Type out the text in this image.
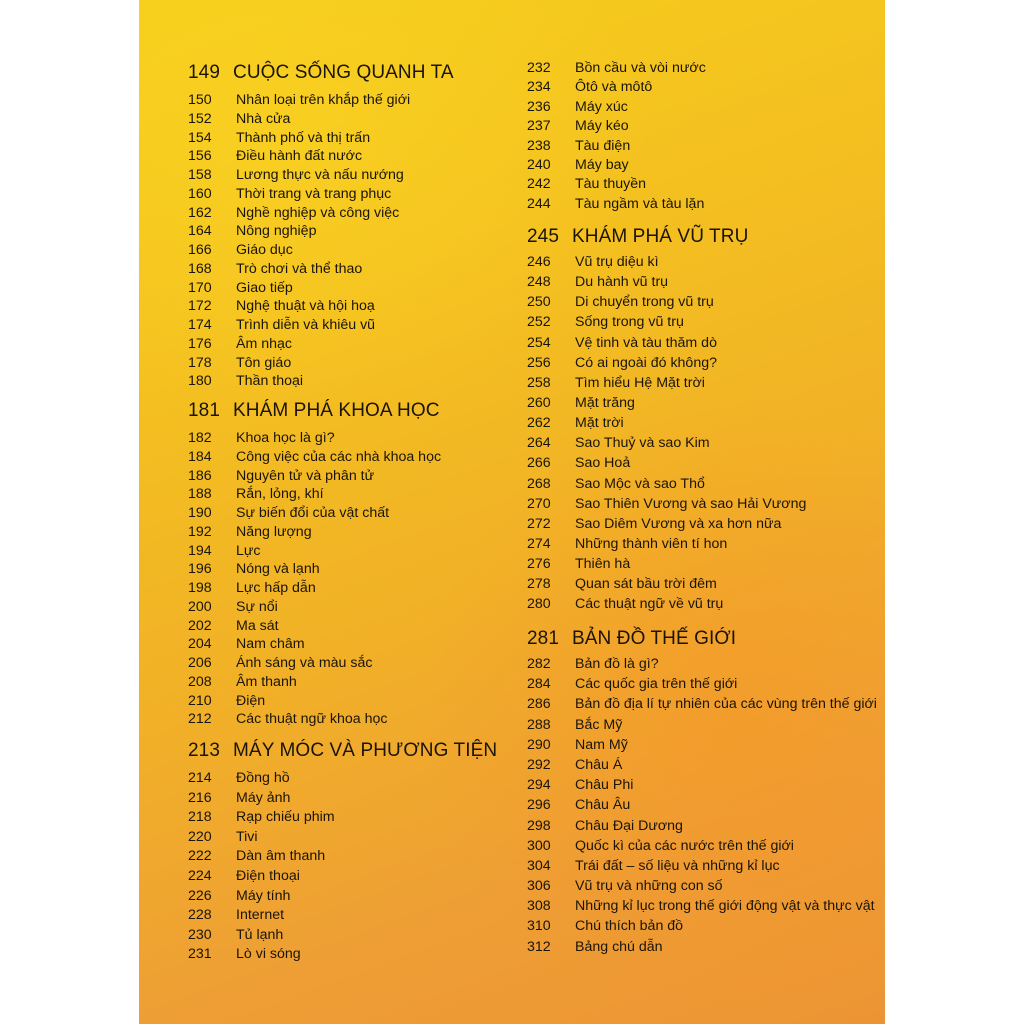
149 CUỘC SỐNG QUANH TA
150	Nhân loại trên khắp thế giới
152	Nhà cửa
154	Thành phố và thị trấn
156	Điều hành đất nước
158	Lương thực và nấu nướng
160	Thời trang và trang phục
162	Nghề nghiệp và công việc
164	Nông nghiệp
166	Giáo dục
168	Trò chơi và thể thao
170	Giao tiếp
172	Nghệ thuật và hội hoạ
174	Trình diễn và khiêu vũ
176	Âm nhạc
178	Tôn giáo
180	Thần thoại
181 KHÁM PHÁ KHOA HỌC
182	Khoa học là gì?
184	Công việc của các nhà khoa học
186	Nguyên tử và phân tử
188	Rắn, lỏng, khí
190	Sự biến đổi của vật chất
192	Năng lượng
194	Lực
196	Nóng và lạnh
198	Lực hấp dẫn
200	Sự nổi
202	Ma sát
204	Nam châm
206	Ánh sáng và màu sắc
208	Âm thanh
210	Điện
212	Các thuật ngữ khoa học
213 MÁY MÓC VÀ PHƯƠNG TIỆN
214	Đồng hồ
216	Máy ảnh
218	Rạp chiếu phim
220	Tivi
222	Dàn âm thanh
224	Điện thoại
226	Máy tính
228	Internet
230	Tủ lạnh
231	Lò vi sóng
232	Bồn cầu và vòi nước
234	Ôtô và môtô
236	Máy xúc
237	Máy kéo
238	Tàu điện
240	Máy bay
242	Tàu thuyền
244	Tàu ngầm và tàu lặn
245 KHÁM PHÁ VŨ TRỤ
246	Vũ trụ diệu kì
248	Du hành vũ trụ
250	Di chuyển trong vũ trụ
252	Sống trong vũ trụ
254	Vệ tinh và tàu thăm dò
256	Có ai ngoài đó không?
258	Tìm hiểu Hệ Mặt trời
260	Mặt trăng
262	Mặt trời
264	Sao Thuỷ và sao Kim
266	Sao Hoả
268	Sao Mộc và sao Thổ
270	Sao Thiên Vương và sao Hải Vương
272	Sao Diêm Vương và xa hơn nữa
274	Những thành viên tí hon
276	Thiên hà
278	Quan sát bầu trời đêm
280	Các thuật ngữ về vũ trụ
281 BẢN ĐỒ THẾ GIỚI
282	Bản đồ là gì?
284	Các quốc gia trên thế giới
286	Bản đồ địa lí tự nhiên của các vùng trên thế giới
288	Bắc Mỹ
290	Nam Mỹ
292	Châu Á
294	Châu Phi
296	Châu Âu
298	Châu Đại Dương
300	Quốc kì của các nước trên thế giới
304	Trái đất – số liệu và những kỉ lục
306	Vũ trụ và những con số
308	Những kỉ lục trong thế giới động vật và thực vật
310	Chú thích bản đồ
312	Bảng chú dẫn
